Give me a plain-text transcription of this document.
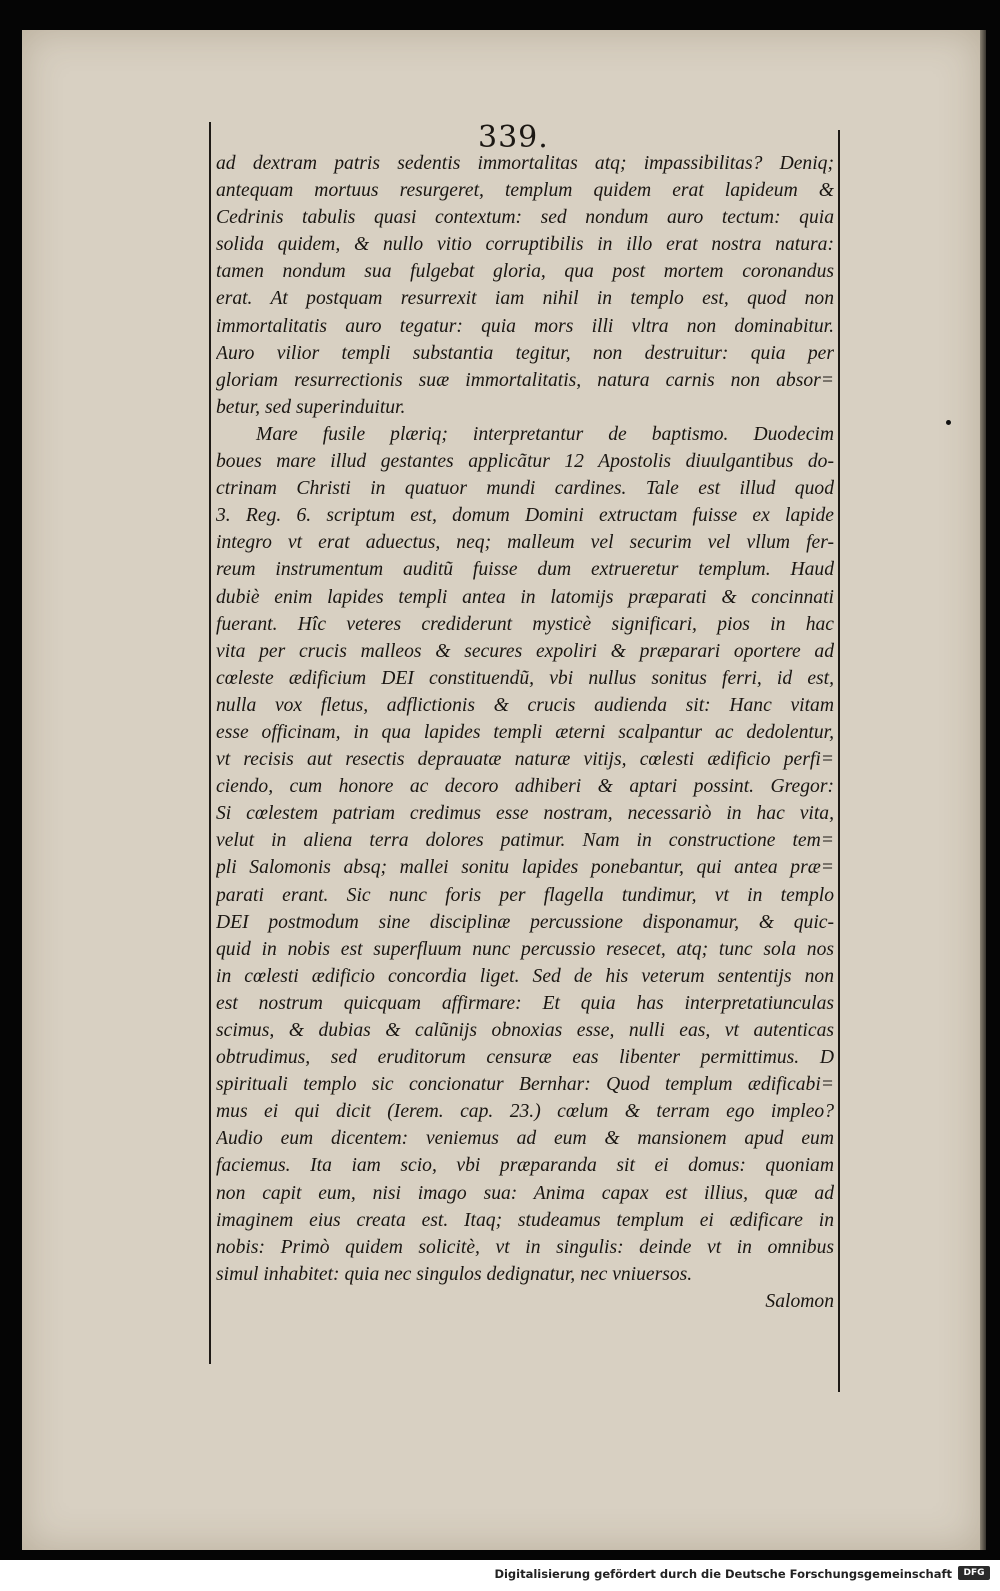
339.
ad dextram patris sedentis immortalitas atq; impassibilitas? Deniq;
antequam mortuus resurgeret, templum quidem erat lapideum &
Cedrinis tabulis quasi contextum: sed nondum auro tectum: quia
solida quidem, & nullo vitio corruptibilis in illo erat nostra natura:
tamen nondum sua fulgebat gloria, qua post mortem coronandus
erat. At postquam resurrexit iam nihil in templo est, quod non
immortalitatis auro tegatur: quia mors illi vltra non dominabitur.
Auro vilior templi substantia tegitur, non destruitur: quia per
gloriam resurrectionis suæ immortalitatis, natura carnis non absor=
betur, sed superinduitur.
Mare fusile plæriq; interpretantur de baptismo. Duodecim
boues mare illud gestantes applicãtur 12 Apostolis diuulgantibus do-
ctrinam Christi in quatuor mundi cardines. Tale est illud quod
3. Reg. 6. scriptum est, domum Domini extructam fuisse ex lapide
integro vt erat aduectus, neq; malleum vel securim vel vllum fer-
reum instrumentum auditũ fuisse dum extrueretur templum. Haud
dubiè enim lapides templi antea in latomijs præparati & concinnati
fuerant. Hîc veteres crediderunt mysticè significari, pios in hac
vita per crucis malleos & secures expoliri & præparari oportere ad
cœleste ædificium DEI constituendũ, vbi nullus sonitus ferri, id est,
nulla vox fletus, adflictionis & crucis audienda sit: Hanc vitam
esse officinam, in qua lapides templi æterni scalpantur ac dedolentur,
vt recisis aut resectis deprauatæ naturæ vitijs, cœlesti ædificio perfi=
ciendo, cum honore ac decoro adhiberi & aptari possint. Gregor:
Si cœlestem patriam credimus esse nostram, necessariò in hac vita,
velut in aliena terra dolores patimur. Nam in constructione tem=
pli Salomonis absq; mallei sonitu lapides ponebantur, qui antea præ=
parati erant. Sic nunc foris per flagella tundimur, vt in templo
DEI postmodum sine disciplinæ percussione disponamur, & quic-
quid in nobis est superfluum nunc percussio resecet, atq; tunc sola nos
in cœlesti ædificio concordia liget. Sed de his veterum sententijs non
est nostrum quicquam affirmare: Et quia has interpretatiunculas
scimus, & dubias & calũnijs obnoxias esse, nulli eas, vt autenticas
obtrudimus, sed eruditorum censuræ eas libenter permittimus. D
spirituali templo sic concionatur Bernhar: Quod templum ædificabi=
mus ei qui dicit (Ierem. cap. 23.) cœlum & terram ego impleo?
Audio eum dicentem: veniemus ad eum & mansionem apud eum
faciemus. Ita iam scio, vbi præparanda sit ei domus: quoniam
non capit eum, nisi imago sua: Anima capax est illius, quæ ad
imaginem eius creata est. Itaq; studeamus templum ei ædificare in
nobis: Primò quidem solicitè, vt in singulis: deinde vt in omnibus
simul inhabitet: quia nec singulos dedignatur, nec vniuersos.
Salomon
Digitalisierung gefördert durch die Deutsche Forschungsgemeinschaft	DFG
